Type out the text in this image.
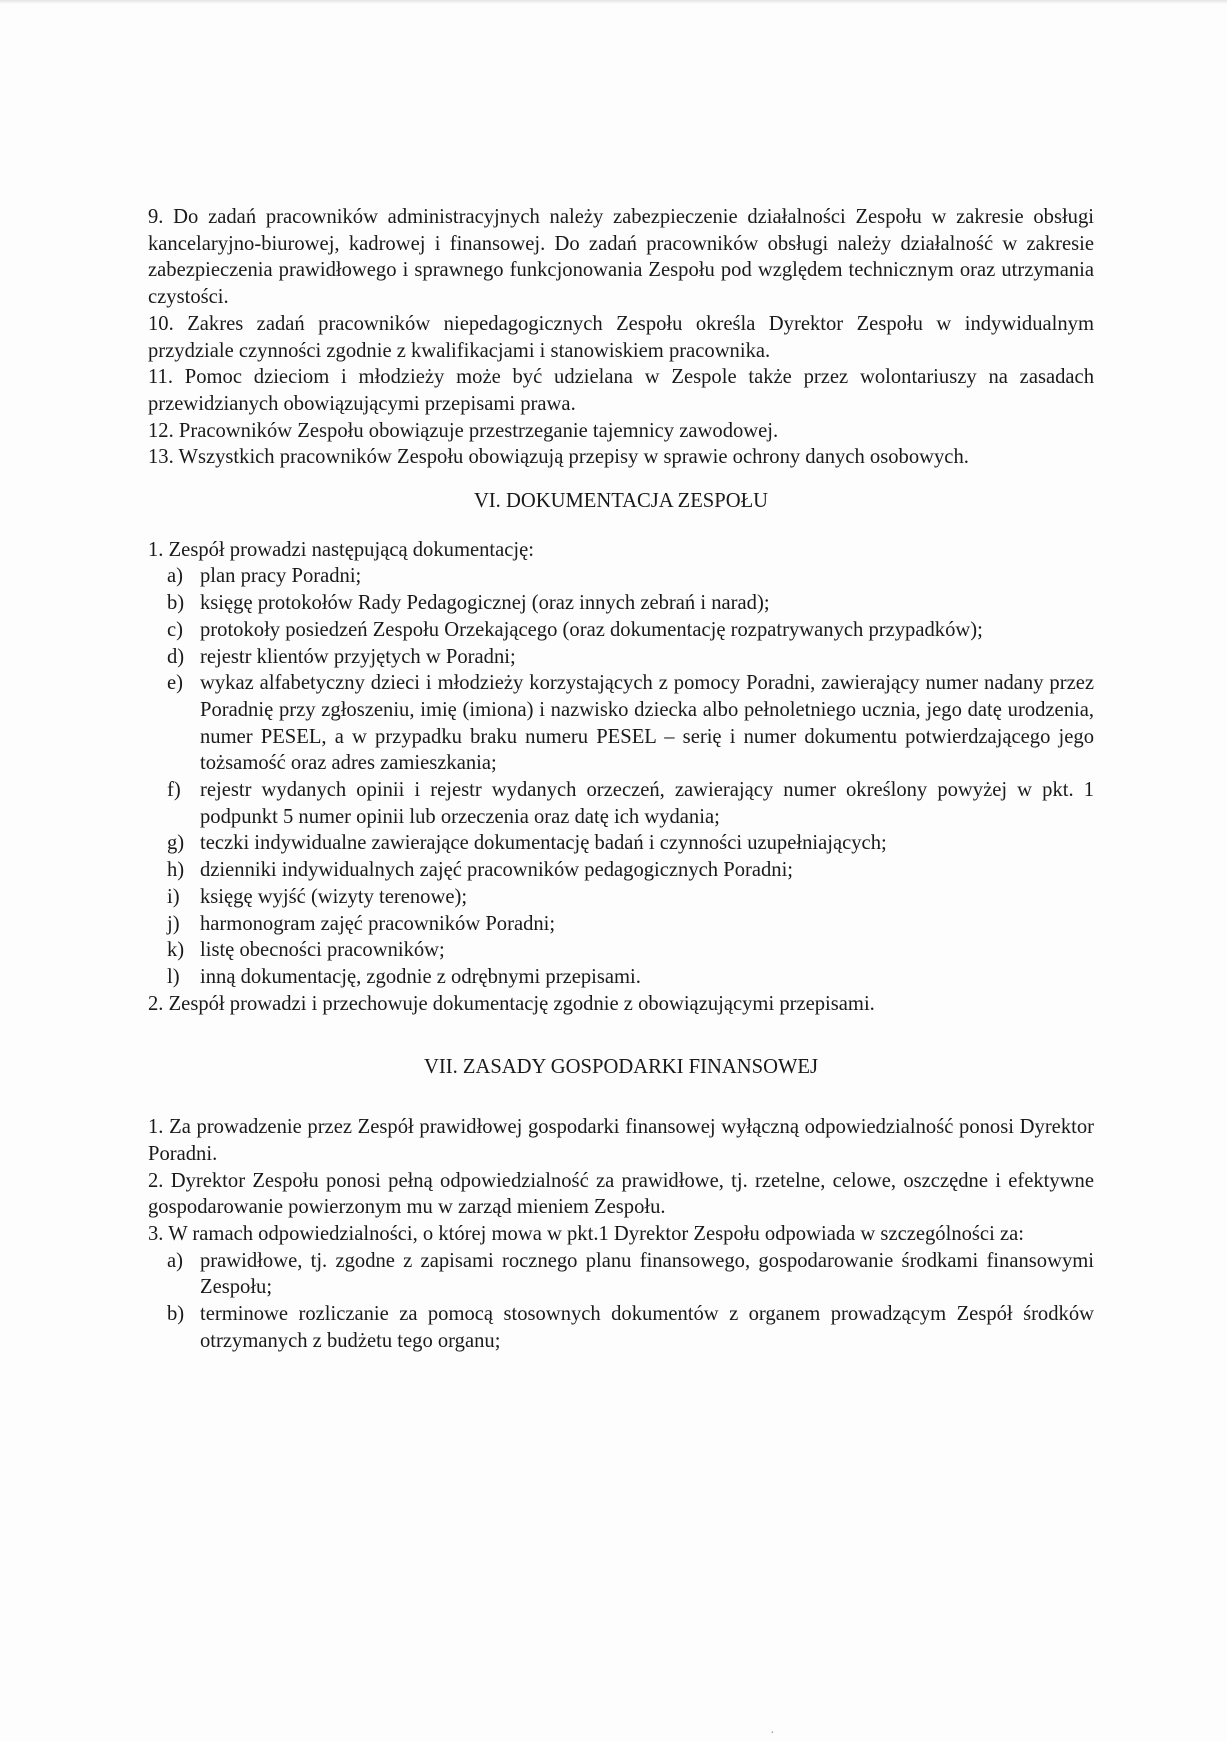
9. Do zadań pracowników administracyjnych należy zabezpieczenie działalności Zespołu w zakresie obsługi kancelaryjno-biurowej, kadrowej i finansowej. Do zadań pracowników obsługi należy działalność w zakresie zabezpieczenia prawidłowego i sprawnego funkcjonowania Zespołu pod względem technicznym oraz utrzymania czystości.

10. Zakres zadań pracowników niepedagogicznych Zespołu określa Dyrektor Zespołu w indywidualnym przydziale czynności zgodnie z kwalifikacjami i stanowiskiem pracownika.

11. Pomoc dzieciom i młodzieży może być udzielana w Zespole także przez wolontariuszy na zasadach przewidzianych obowiązującymi przepisami prawa.

12. Pracowników Zespołu obowiązuje przestrzeganie tajemnicy zawodowej.

13. Wszystkich pracowników Zespołu obowiązują przepisy w sprawie ochrony danych osobowych.

VI. DOKUMENTACJA ZESPOŁU

1. Zespół prowadzi następującą dokumentację:

a) plan pracy Poradni;
b) księgę protokołów Rady Pedagogicznej (oraz innych zebrań i narad);
c) protokoły posiedzeń Zespołu Orzekającego (oraz dokumentację rozpatrywanych przypadków);
d) rejestr klientów przyjętych w Poradni;
e) wykaz alfabetyczny dzieci i młodzieży korzystających z pomocy Poradni, zawierający numer nadany przez Poradnię przy zgłoszeniu, imię (imiona) i nazwisko dziecka albo pełnoletniego ucznia, jego datę urodzenia, numer PESEL, a w przypadku braku numeru PESEL – serię i numer dokumentu potwierdzającego jego tożsamość oraz adres zamieszkania;
f) rejestr wydanych opinii i rejestr wydanych orzeczeń, zawierający numer określony powyżej w pkt. 1 podpunkt 5 numer opinii lub orzeczenia oraz datę ich wydania;
g) teczki indywidualne zawierające dokumentację badań i czynności uzupełniających;
h) dzienniki indywidualnych zajęć pracowników pedagogicznych Poradni;
i) księgę wyjść (wizyty terenowe);
j) harmonogram zajęć pracowników Poradni;
k) listę obecności pracowników;
l) inną dokumentację, zgodnie z odrębnymi przepisami.

2. Zespół prowadzi i przechowuje dokumentację zgodnie z obowiązującymi przepisami.

VII. ZASADY GOSPODARKI FINANSOWEJ

1. Za prowadzenie przez Zespół prawidłowej gospodarki finansowej wyłączną odpowiedzialność ponosi Dyrektor Poradni.

2. Dyrektor Zespołu ponosi pełną odpowiedzialność za prawidłowe, tj. rzetelne, celowe, oszczędne i efektywne gospodarowanie powierzonym mu w zarząd mieniem Zespołu.

3. W ramach odpowiedzialności, o której mowa w pkt.1 Dyrektor Zespołu odpowiada w szczególności za:

a) prawidłowe, tj. zgodne z zapisami rocznego planu finansowego, gospodarowanie środkami finansowymi Zespołu;
b) terminowe rozliczanie za pomocą stosownych dokumentów z organem prowadzącym Zespół środków otrzymanych z budżetu tego organu;
·
